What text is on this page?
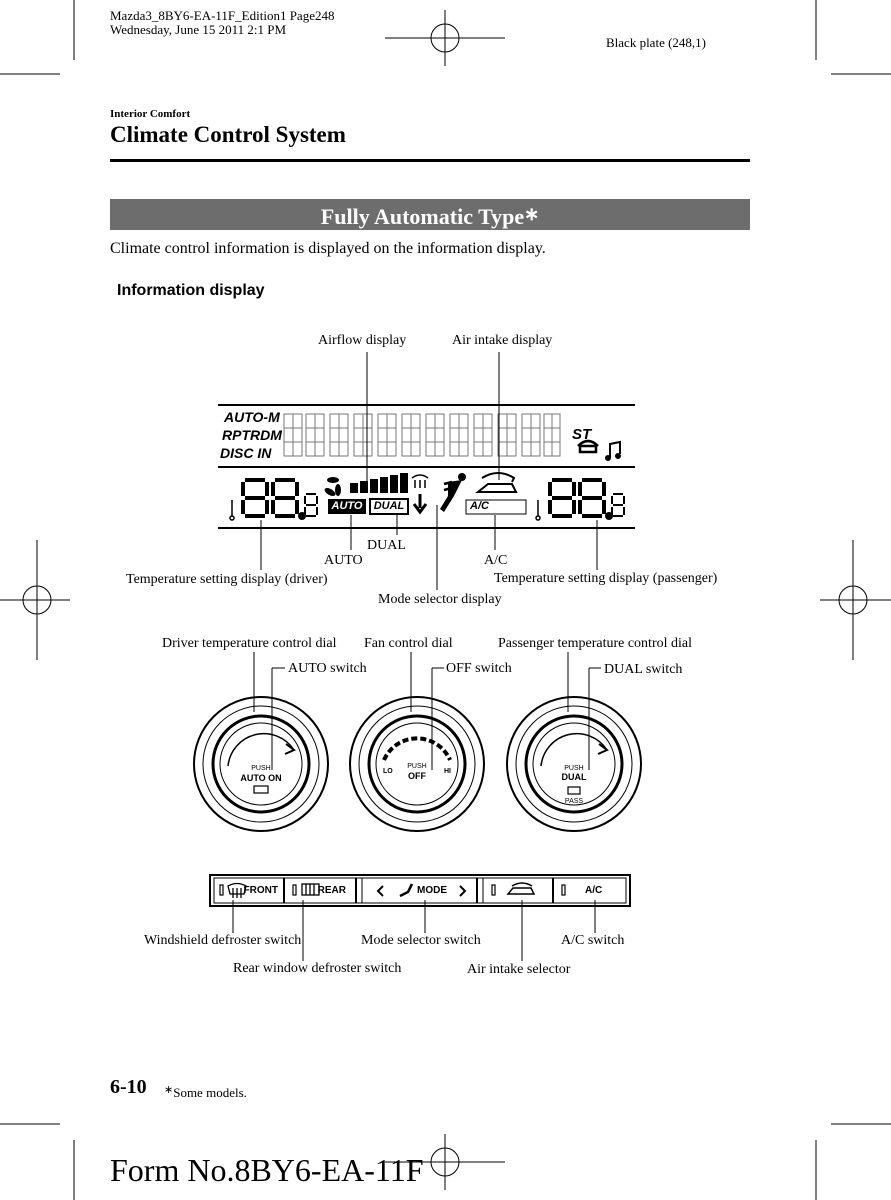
Mazda3_8BY6-EA-11F_Edition1 Page248
Wednesday, June 15 2011 2:1 PM
Black plate (248,1)
Interior Comfort
Climate Control System
Fully Automatic Type∗
Climate control information is displayed on the information display.
Information display
AUTO-M
RPTRDM
DISC IN
ST
AUTO	DUAL	A/C
Airflow display	Air intake display
AUTO
DUAL
A/C
Temperature setting display (driver)	Temperature setting display (passenger)
Mode selector display
Driver temperature control dial
AUTO switch
Fan control dial
OFF switch
Passenger temperature control dial
DUAL switch
PUSH
AUTO ON
PUSH
OFF
LO	HI	PUSH
DUAL
PASS
FRONT	REAR	MODE	A/C
Windshield defroster switch
Rear window defroster switch
Mode selector switch
Air intake selector
A/C switch
6-10 ∗Some models.
Form No.8BY6-EA-11F
